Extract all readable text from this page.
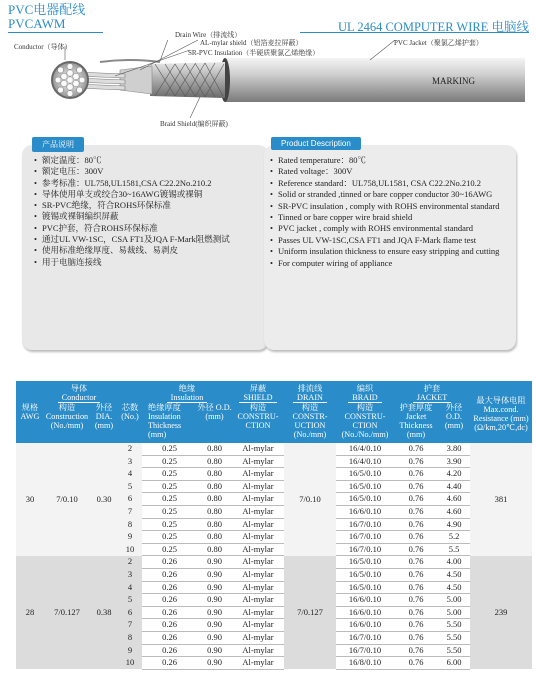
PVC电器配线
PVCAWM	UL 2464 COMPUTER WIRE 电脑线
Conductor（导体）
Drain Wire（排流线）
AL-mylar shield（铝箔麦拉屏蔽）
SR-PVC Insulation（半硬质聚氯乙烯绝缘）
PVC Jacket（聚氯乙烯护套）
Braid Shield(编织屏蔽)
MARKING
产品说明	Product Description
• 额定温度：80℃
• 额定电压：300V
• 参考标准：UL758,UL1581,CSA C22.2No.210.2
• 导体使用单支或绞合30~16AWG镀锡或裸铜
• SR-PVC绝缘，符合ROHS环保标准
• 镀锡或裸铜编织屏蔽
• PVC护套，符合ROHS环保标准
• 通过UL VW-1SC，CSA FT1及JQA F-Mark阻燃测试
• 使用标准绝缘厚度、易裁线、易剥皮
• 用于电脑连接线
• Rated temperature：80℃
• Rated voltage：300V
• Reference standard：UL758,UL1581, CSA C22.2No.210.2
• Solid or stranded ,tinned or bare copper conductor 30~16AWG
• SR-PVC insulation , comply with ROHS environmental standard
• Tinned or bare copper wire braid shield
• PVC jacket , comply with ROHS environmental standard
• Passes UL VW-1SC,CSA FT1 and JQA F-Mark flame test
• Uniform insulation thickness to ensure easy stripping and cutting
• For computer wiring of appliance
导体
Conductor				绝缘
Insulation		屏蔽
SHIELD	排流线
DRAIN	编织
BRAID	护套
JACKET		最大导体电阻 Max.cond. Resistance (mm)(Ω/km,20℃,dc)
规格 AWG	构造 Construction (No./mm)	外径 DIA. (mm)	芯数 (No.)	绝缘厚度 Insulation Thickness (mm)	外径 O.D. (mm)	构造 CONSTRU-CTION	构造 CONSTR-UCTION (No./mm)	构造 CONSTRU-CTION (No./No./mm)	护套厚度 Jacket Thickness (mm)	外径 O.D. (mm)	
30	7/0.10	0.30	2	0.25	0.80	Al-mylar	7/0.10	16/4/0.10	0.76	3.80	381
			3	0.25	0.80	Al-mylar		16/4/0.10	0.76	3.90	
			4	0.25	0.80	Al-mylar		16/5/0.10	0.76	4.20	
			5	0.25	0.80	Al-mylar		16/5/0.10	0.76	4.40	
			6	0.25	0.80	Al-mylar		16/5/0.10	0.76	4.60	
			7	0.25	0.80	Al-mylar		16/6/0.10	0.76	4.60	
			8	0.25	0.80	Al-mylar		16/7/0.10	0.76	4.90	
			9	0.25	0.80	Al-mylar		16/7/0.10	0.76	5.2	
			10	0.25	0.80	Al-mylar		16/7/0.10	0.76	5.5	
28	7/0.127	0.38	2	0.26	0.90	Al-mylar	7/0.127	16/5/0.10	0.76	4.00	239
			3	0.26	0.90	Al-mylar		16/5/0.10	0.76	4.50	
			4	0.26	0.90	Al-mylar		16/5/0.10	0.76	4.50	
			5	0.26	0.90	Al-mylar		16/6/0.10	0.76	5.00	
			6	0.26	0.90	Al-mylar		16/6/0.10	0.76	5.00	
			7	0.26	0.90	Al-mylar		16/6/0.10	0.76	5.50	
			8	0.26	0.90	Al-mylar		16/7/0.10	0.76	5.50	
			9	0.26	0.90	Al-mylar		16/7/0.10	0.76	5.50	
			10	0.26	0.90	Al-mylar		16/8/0.10	0.76	6.00	
